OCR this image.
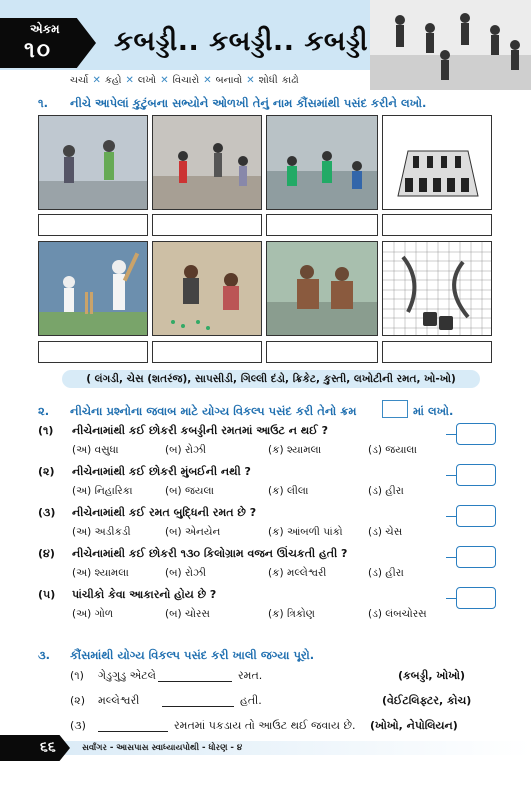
એકમ
૧૦ કબડ્ડી.. કબડ્ડી.. કબડ્ડી
ચર્ચા ✕ કહો ✕ લખો ✕ વિચારો ✕ બનાવો ✕ શોધી કાઢો
૧. નીચે આપેલાં કુટુંબના સભ્યોને ઓળખી તેનું નામ કૌંસમાંથી પસંદ કરીને લખો.
( લંગડી, ચેસ (શતરંજ), સાપસીડી, ગિલ્લી દંડો, ક્રિકેટ, કુસ્તી, લખોટીની રમત, ખો-ખો)
૨. નીચેના પ્રશ્નોના જવાબ માટે યોગ્ય વિકલ્પ પસંદ કરી તેનો ક્રમ	માં લખો.
(૧) નીચેનામાંથી કઈ છોકરી કબડ્ડીની રમતમાં આઉટ ન થઈ ?
(અ) વસુધા	(બ) રોઝી	(ક) શ્યામલા	(ડ) જયાલા
(૨) નીચેનામાંથી કઈ છોકરી મુંબઈની નથી ?
(અ) નિહારિકા	(બ) જયલા	(ક) લીલા	(ડ) હીરા
(૩) નીચેનામાંથી કઈ રમત બુદ્ધિની રમત છે ?
(અ) અડીકડી	(બ) એનયેન	(ક) આંબળી પાંકો (ડ) ચેસ
(૪) નીચેનામાંથી કઈ છોકરી ૧૩૦ કિલોગ્રામ વજન ઊંચકતી હતી ?
(અ) શ્યામલા	(બ) રોઝી	(ક) મલ્લેશ્વરી	(ડ) હીરા
(૫) પાંચીકો કેવા આકારનો હોય છે ?
(અ) ગોળ	(બ) ચોરસ	(ક) ત્રિકોણ	(ડ) લંબચોરસ
૩. કૌંસમાંથી યોગ્ય વિકલ્પ પસંદ કરી ખાલી જગ્યા પૂરો.
(૧) ગેડુગુડુ એટલે	રમત.	(કબડ્ડી, ખોખો)
(૨) મલ્લેશ્વરી	હતી.	(વેઈટલિફ્ટર, કોચ)
(૩)	રમતમાં પકડાય તો આઉટ થઈ જવાય છે. (ખોખો, નેપોલિયન)
૬૬	સર્વાંગર - આસપાસ સ્વાધ્યાયપોથી - ધોરણ - ૪
